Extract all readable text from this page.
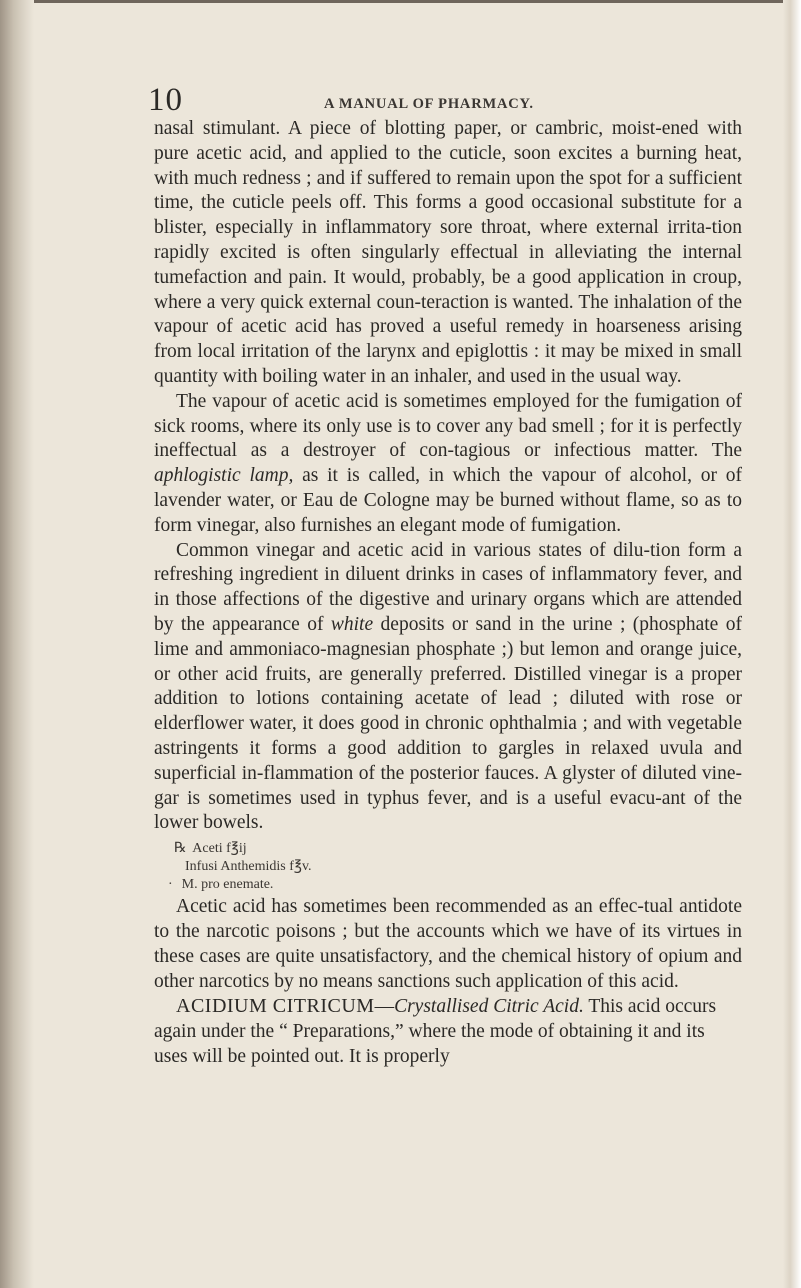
10	A MANUAL OF PHARMACY.

nasal stimulant. A piece of blotting paper, or cambric, moist-ened with pure acetic acid, and applied to the cuticle, soon excites a burning heat, with much redness ; and if suffered to remain upon the spot for a sufficient time, the cuticle peels off. This forms a good occasional substitute for a blister, especially in inflammatory sore throat, where external irrita-tion rapidly excited is often singularly effectual in alleviating the internal tumefaction and pain. It would, probably, be a good application in croup, where a very quick external coun-teraction is wanted. The inhalation of the vapour of acetic acid has proved a useful remedy in hoarseness arising from local irritation of the larynx and epiglottis : it may be mixed in small quantity with boiling water in an inhaler, and used in the usual way.

The vapour of acetic acid is sometimes employed for the fumigation of sick rooms, where its only use is to cover any bad smell ; for it is perfectly ineffectual as a destroyer of con-tagious or infectious matter. The aphlogistic lamp, as it is called, in which the vapour of alcohol, or of lavender water, or Eau de Cologne may be burned without flame, so as to form vinegar, also furnishes an elegant mode of fumigation.

Common vinegar and acetic acid in various states of dilu-tion form a refreshing ingredient in diluent drinks in cases of inflammatory fever, and in those affections of the digestive and urinary organs which are attended by the appearance of white deposits or sand in the urine ; (phosphate of lime and ammoniaco-magnesian phosphate ;) but lemon and orange juice, or other acid fruits, are generally preferred. Distilled vinegar is a proper addition to lotions containing acetate of lead ; diluted with rose or elderflower water, it does good in chronic ophthalmia ; and with vegetable astringents it forms a good addition to gargles in relaxed uvula and superficial in-flammation of the posterior fauces. A glyster of diluted vine-gar is sometimes used in typhus fever, and is a useful evacu-ant of the lower bowels.

℞ Aceti f℥ij
Infusi Anthemidis f℥v.
· M. pro enemate.

Acetic acid has sometimes been recommended as an effec-tual antidote to the narcotic poisons ; but the accounts which we have of its virtues in these cases are quite unsatisfactory, and the chemical history of opium and other narcotics by no means sanctions such application of this acid.

ACIDIUM CITRICUM—Crystallised Citric Acid. This acid occurs again under the “ Preparations,” where the mode of obtaining it and its uses will be pointed out. It is properly
